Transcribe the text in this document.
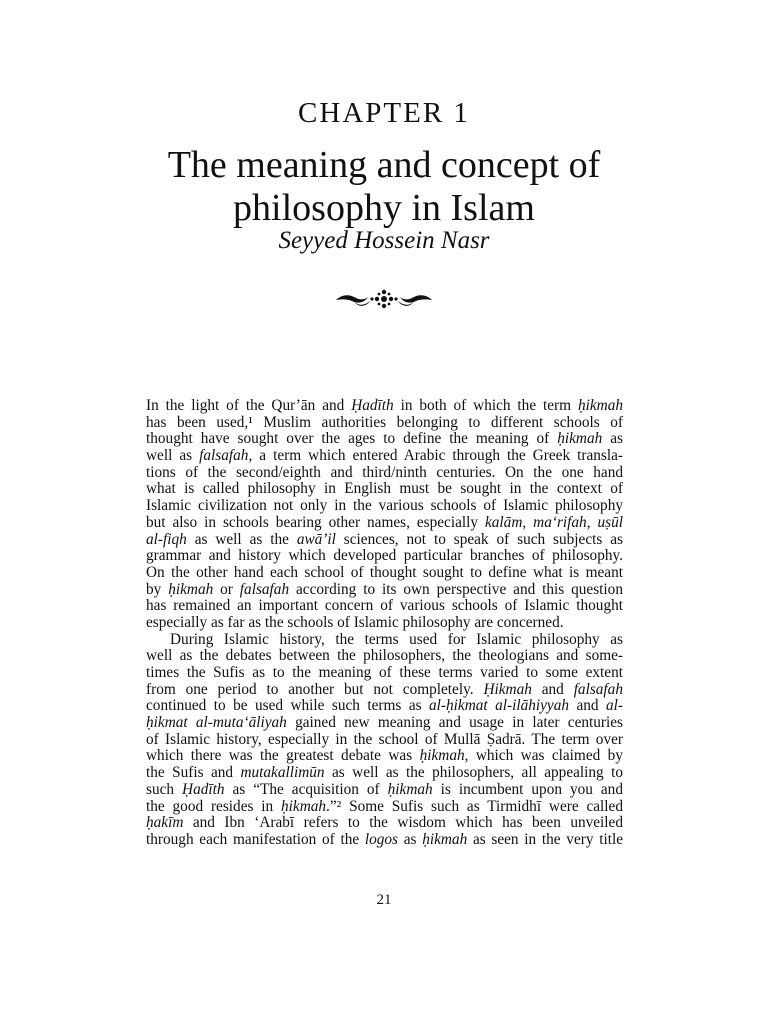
CHAPTER 1
The meaning and concept of
philosophy in Islam
Seyyed Hossein Nasr

In the light of the Qur’ān and Ḥadīth in both of which the term ḥikmah
has been used,¹ Muslim authorities belonging to different schools of
thought have sought over the ages to define the meaning of ḥikmah as
well as falsafah, a term which entered Arabic through the Greek transla-
tions of the second/eighth and third/ninth centuries. On the one hand
what is called philosophy in English must be sought in the context of
Islamic civilization not only in the various schools of Islamic philosophy
but also in schools bearing other names, especially kalām, ma‘rifah, uṣūl
al-fiqh as well as the awā’il sciences, not to speak of such subjects as
grammar and history which developed particular branches of philosophy.
On the other hand each school of thought sought to define what is meant
by ḥikmah or falsafah according to its own perspective and this question
has remained an important concern of various schools of Islamic thought
especially as far as the schools of Islamic philosophy are concerned.

During Islamic history, the terms used for Islamic philosophy as
well as the debates between the philosophers, the theologians and some-
times the Sufis as to the meaning of these terms varied to some extent
from one period to another but not completely. Ḥikmah and falsafah
continued to be used while such terms as al-ḥikmat al-ilāhiyyah and al-
ḥikmat al-muta‘āliyah gained new meaning and usage in later centuries
of Islamic history, especially in the school of Mullā Ṣadrā. The term over
which there was the greatest debate was ḥikmah, which was claimed by
the Sufis and mutakallimūn as well as the philosophers, all appealing to
such Ḥadīth as “The acquisition of ḥikmah is incumbent upon you and
the good resides in ḥikmah.”² Some Sufis such as Tirmidhī were called
ḥakīm and Ibn ‘Arabī refers to the wisdom which has been unveiled
through each manifestation of the logos as ḥikmah as seen in the very title

21
